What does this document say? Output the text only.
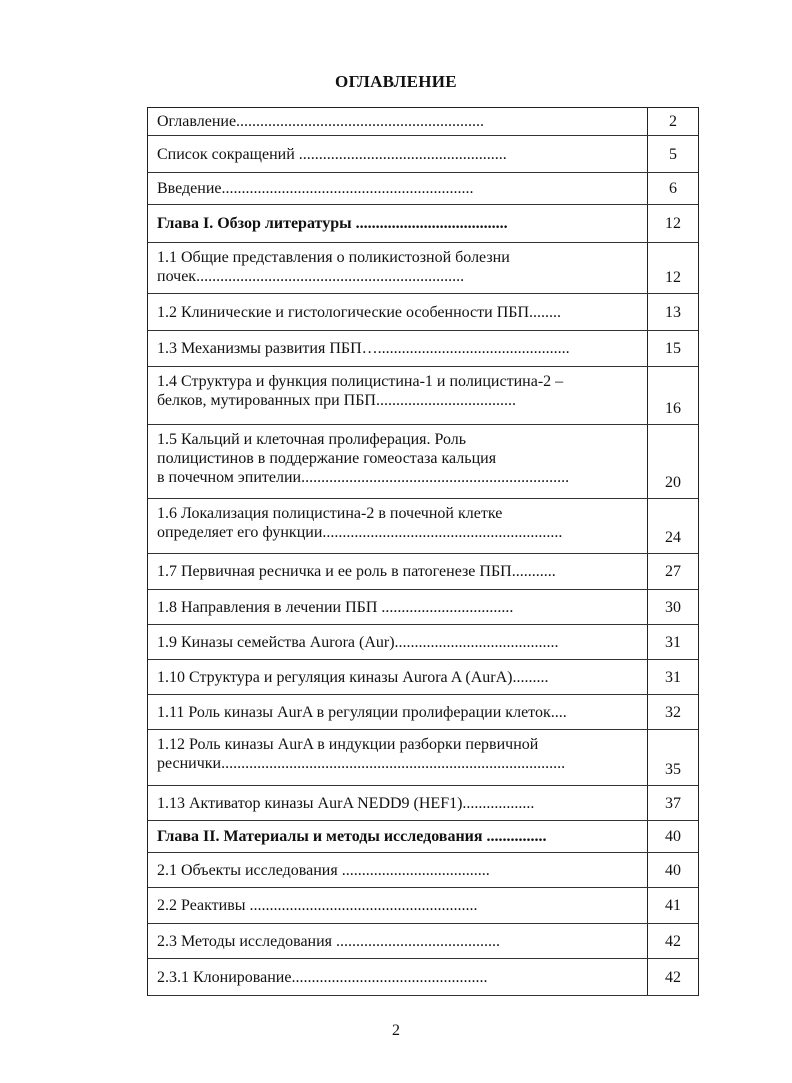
ОГЛАВЛЕНИЕ
Оглавление..............................................................	2
Список сокращений ....................................................	5
Введение...............................................................	6
Глава I. Обзор литературы ......................................	12
1.1 Общие представления о поликистозной болезни
почек...................................................................	12
1.2 Клинические и гистологические особенности ПБП........	13
1.3 Механизмы развития ПБП…................................................	15
1.4 Структура и функция полицистина-1 и полицистина-2 –
белков, мутированных при ПБП...................................	16
1.5 Кальций и клеточная пролиферация. Роль
полицистинов в поддержание гомеостаза кальция
в почечном эпителии...................................................................	20
1.6 Локализация полицистина-2 в почечной клетке
определяет его функции............................................................	24
1.7 Первичная ресничка и ее роль в патогенезе ПБП...........	27
1.8 Направления в лечении ПБП .................................	30
1.9 Киназы семейства Aurora (Aur).........................................	31
1.10 Структура и регуляция киназы Aurora A (AurA).........	31
1.11 Роль киназы AurA в регуляции пролиферации клеток....	32
1.12 Роль киназы AurA в индукции разборки первичной
реснички......................................................................................	35
1.13 Активатор киназы AurA NEDD9 (HEF1)..................	37
Глава II. Материалы и методы исследования ...............	40
2.1 Объекты исследования .....................................	40
2.2 Реактивы .........................................................	41
2.3 Методы исследования .........................................	42
2.3.1 Клонирование.................................................	42
2
